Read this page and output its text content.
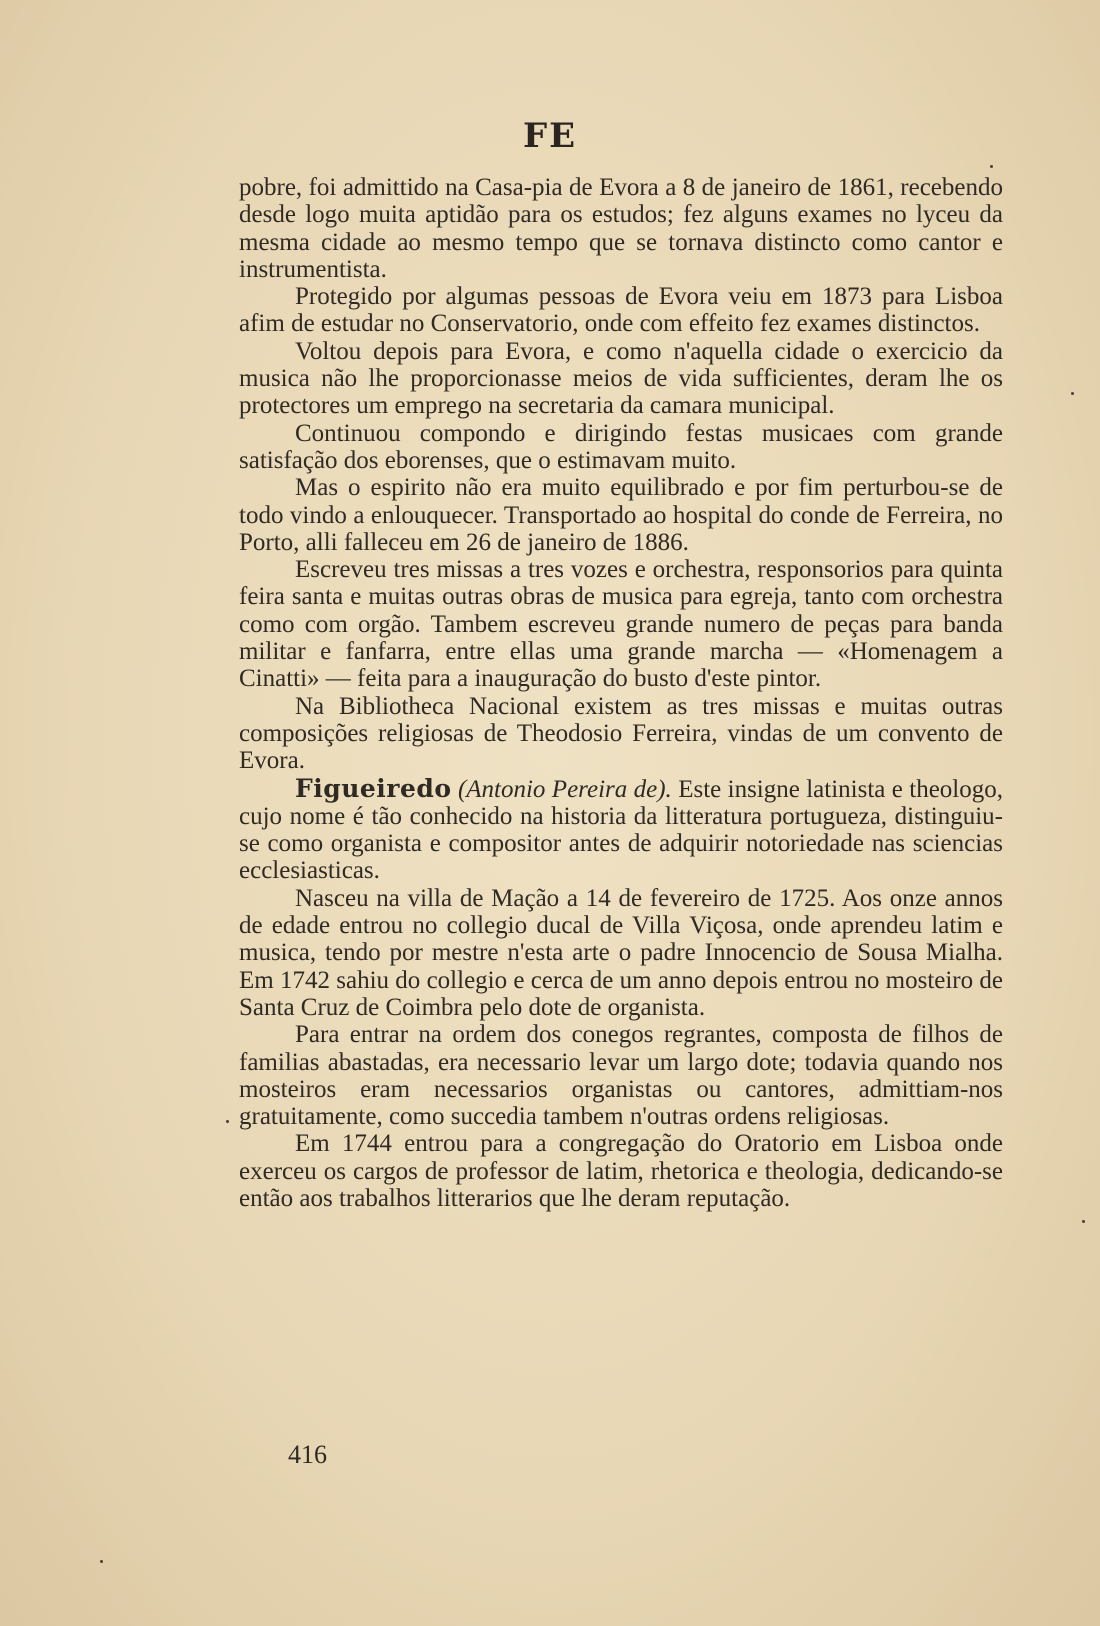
FE

pobre, foi admittido na Casa-pia de Evora a 8 de janeiro de 1861, recebendo desde logo muita aptidão para os estudos; fez alguns exames no lyceu da mesma cidade ao mesmo tempo que se tornava distincto como cantor e instrumentista.

Protegido por algumas pessoas de Evora veiu em 1873 para Lisboa afim de estudar no Conservatorio, onde com effeito fez exames distinctos.

Voltou depois para Evora, e como n'aquella cidade o exercicio da musica não lhe proporcionasse meios de vida sufficientes, deram lhe os protectores um emprego na secretaria da camara municipal.

Continuou compondo e dirigindo festas musicaes com grande satisfação dos eborenses, que o estimavam muito.

Mas o espirito não era muito equilibrado e por fim perturbou-se de todo vindo a enlouquecer. Transportado ao hospital do conde de Ferreira, no Porto, alli falleceu em 26 de janeiro de 1886.

Escreveu tres missas a tres vozes e orchestra, responsorios para quinta feira santa e muitas outras obras de musica para egreja, tanto com orchestra como com orgão. Tambem escreveu grande numero de peças para banda militar e fanfarra, entre ellas uma grande marcha — «Homenagem a Cinatti» — feita para a inauguração do busto d'este pintor.

Na Bibliotheca Nacional existem as tres missas e muitas outras composições religiosas de Theodosio Ferreira, vindas de um convento de Evora.

Figueiredo (Antonio Pereira de). Este insigne latinista e theologo, cujo nome é tão conhecido na historia da litteratura portugueza, distinguiu-se como organista e compositor antes de adquirir notoriedade nas sciencias ecclesiasticas.

Nasceu na villa de Mação a 14 de fevereiro de 1725. Aos onze annos de edade entrou no collegio ducal de Villa Viçosa, onde aprendeu latim e musica, tendo por mestre n'esta arte o padre Innocencio de Sousa Mialha. Em 1742 sahiu do collegio e cerca de um anno depois entrou no mosteiro de Santa Cruz de Coimbra pelo dote de organista.

Para entrar na ordem dos conegos regrantes, composta de filhos de familias abastadas, era necessario levar um largo dote; todavia quando nos mosteiros eram necessarios organistas ou cantores, admittiam-nos gratuitamente, como succedia tambem n'outras ordens religiosas.

Em 1744 entrou para a congregação do Oratorio em Lisboa onde exerceu os cargos de professor de latim, rhetorica e theologia, dedicando-se então aos trabalhos litterarios que lhe deram reputação.

416
